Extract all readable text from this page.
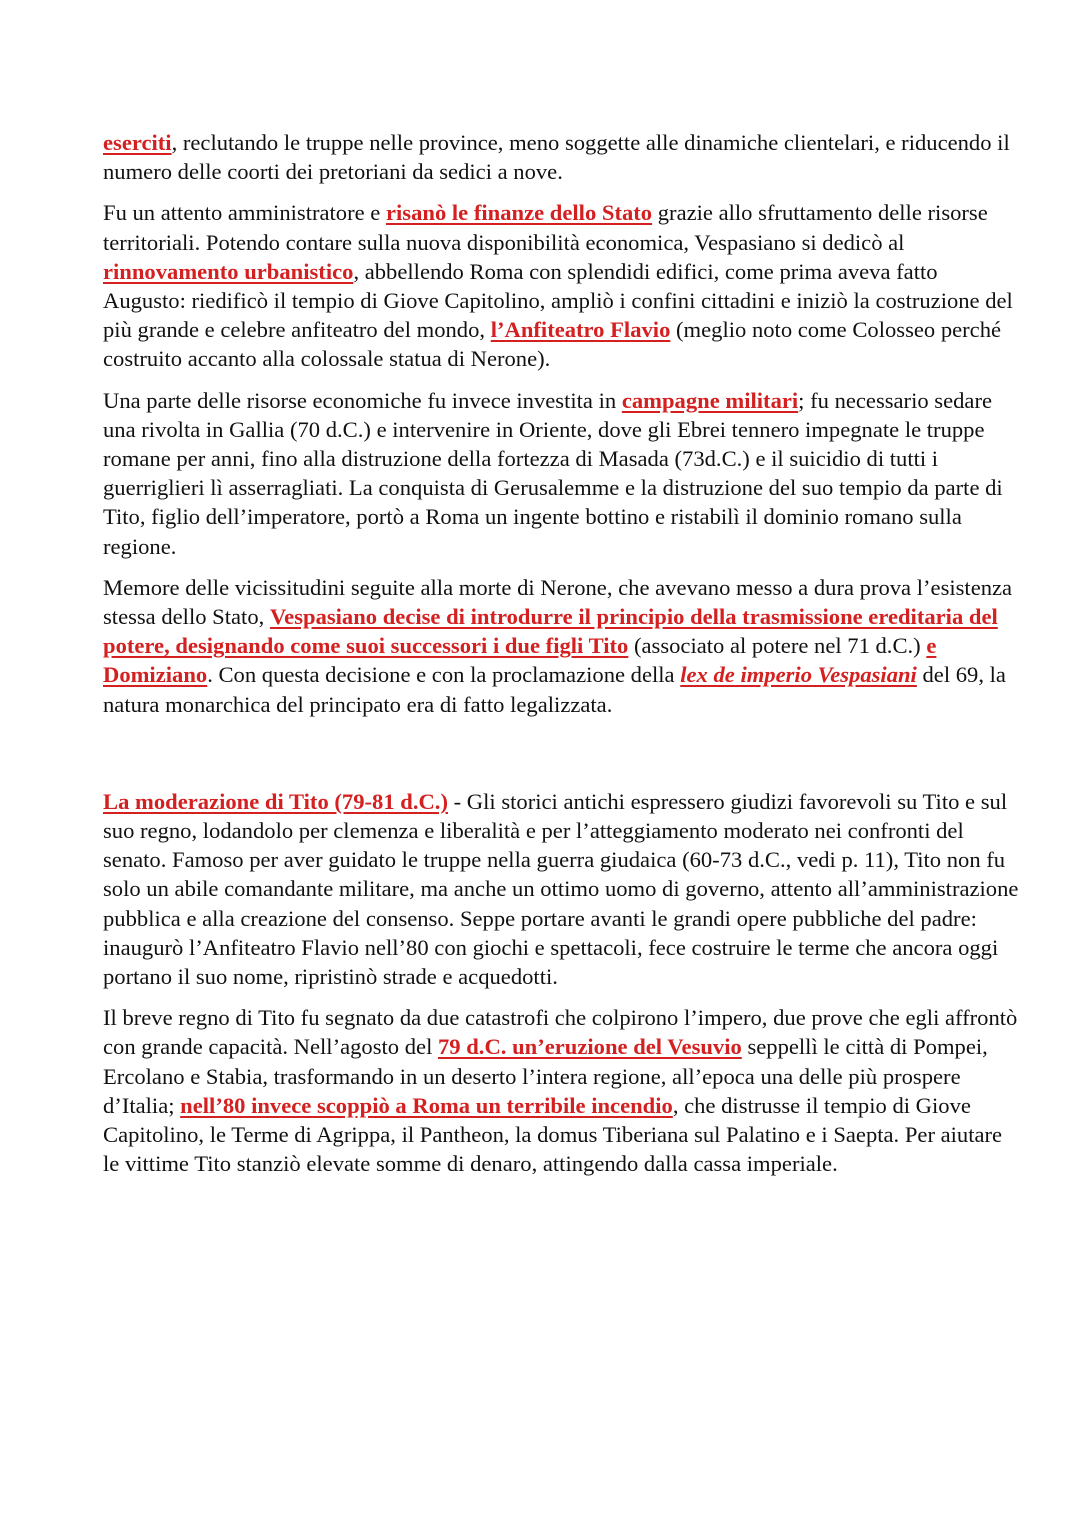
eserciti, reclutando le truppe nelle province, meno soggette alle dinamiche clientelari, e riducendo il numero delle coorti dei pretoriani da sedici a nove.

Fu un attento amministratore e risanò le finanze dello Stato grazie allo sfruttamento delle risorse territoriali. Potendo contare sulla nuova disponibilità economica, Vespasiano si dedicò al rinnovamento urbanistico, abbellendo Roma con splendidi edifici, come prima aveva fatto Augusto: riedificò il tempio di Giove Capitolino, ampliò i confini cittadini e iniziò la costruzione del più grande e celebre anfiteatro del mondo, l’Anfiteatro Flavio (meglio noto come Colosseo perché costruito accanto alla colossale statua di Nerone).

Una parte delle risorse economiche fu invece investita in campagne militari; fu necessario sedare una rivolta in Gallia (70 d.C.) e intervenire in Oriente, dove gli Ebrei tennero impegnate le truppe romane per anni, fino alla distruzione della fortezza di Masada (73d.C.) e il suicidio di tutti i guerriglieri lì asserragliati. La conquista di Gerusalemme e la distruzione del suo tempio da parte di Tito, figlio dell’imperatore, portò a Roma un ingente bottino e ristabilì il dominio romano sulla regione.

Memore delle vicissitudini seguite alla morte di Nerone, che avevano messo a dura prova l’esistenza stessa dello Stato, Vespasiano decise di introdurre il principio della trasmissione ereditaria del potere, designando come suoi successori i due figli Tito (associato al potere nel 71 d.C.) e Domiziano. Con questa decisione e con la proclamazione della lex de imperio Vespasiani del 69, la natura monarchica del principato era di fatto legalizzata.

La moderazione di Tito (79-81 d.C.) - Gli storici antichi espressero giudizi favorevoli su Tito e sul suo regno, lodandolo per clemenza e liberalità e per l’atteggiamento moderato nei confronti del senato. Famoso per aver guidato le truppe nella guerra giudaica (60-73 d.C., vedi p. 11), Tito non fu solo un abile comandante militare, ma anche un ottimo uomo di governo, attento all’amministrazione pubblica e alla creazione del consenso. Seppe portare avanti le grandi opere pubbliche del padre: inaugurò l’Anfiteatro Flavio nell’80 con giochi e spettacoli, fece costruire le terme che ancora oggi portano il suo nome, ripristinò strade e acquedotti.

Il breve regno di Tito fu segnato da due catastrofi che colpirono l’impero, due prove che egli affrontò con grande capacità. Nell’agosto del 79 d.C. un’eruzione del Vesuvio seppellì le città di Pompei, Ercolano e Stabia, trasformando in un deserto l’intera regione, all’epoca una delle più prospere d’Italia; nell’80 invece scoppiò a Roma un terribile incendio, che distrusse il tempio di Giove Capitolino, le Terme di Agrippa, il Pantheon, la domus Tiberiana sul Palatino e i Saepta. Per aiutare le vittime Tito stanziò elevate somme di denaro, attingendo dalla cassa imperiale.
